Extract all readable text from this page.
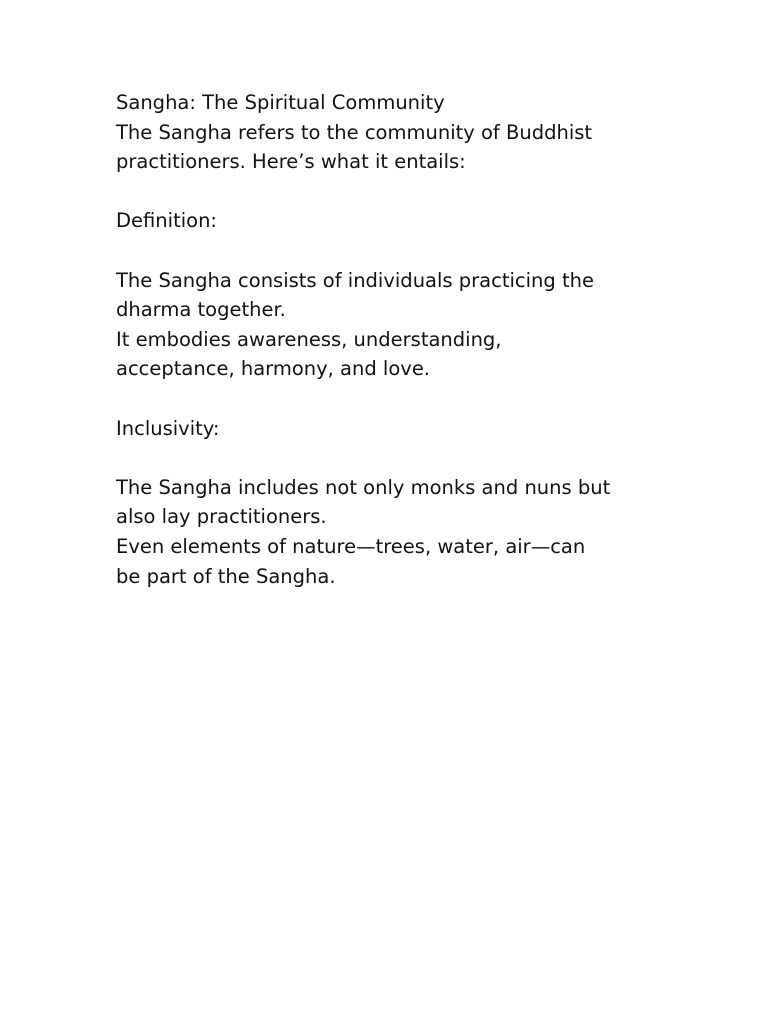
Sangha: The Spiritual Community
The Sangha refers to the community of Buddhist
practitioners. Here’s what it entails:
Definition:
The Sangha consists of individuals practicing the
dharma together.
It embodies awareness, understanding,
acceptance, harmony, and love.
Inclusivity:
The Sangha includes not only monks and nuns but
also lay practitioners.
Even elements of nature—trees, water, air—can
be part of the Sangha.
